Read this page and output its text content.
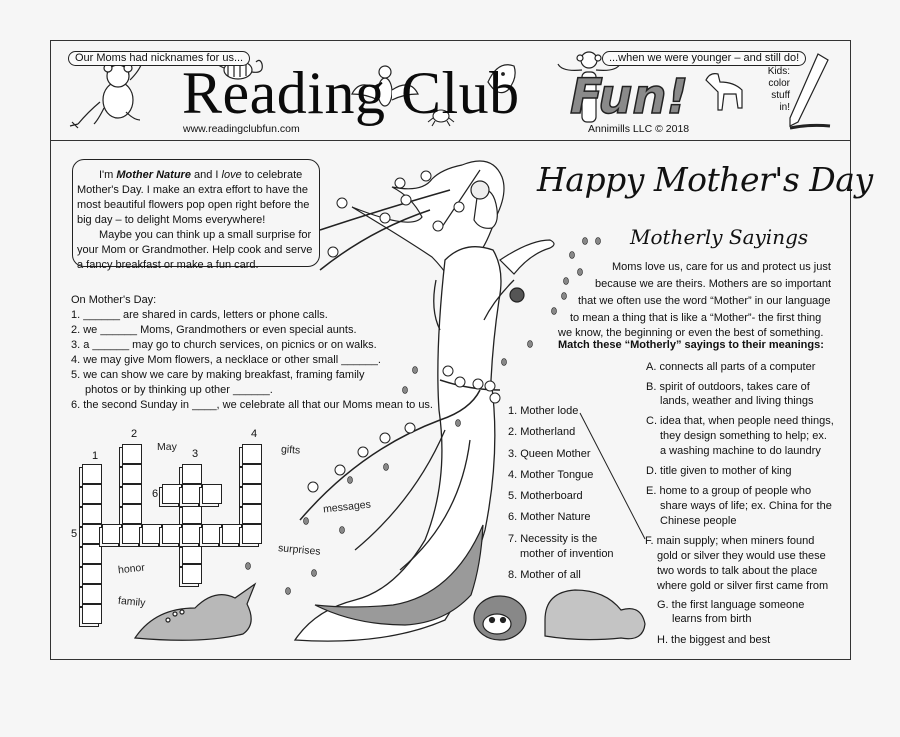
Our Moms had nicknames for us...	...when we were younger – and still do!
Reading Club Fun!
www.readingclubfun.com	Annimills LLC © 2018
Kids:
color
stuff
in!

I'm Mother Nature and I love to celebrate Mother's Day. I make an extra effort to have the most beautiful flowers pop open right before the big day – to delight Moms everywhere!

Maybe you can think up a small surprise for your Mom or Grandmother. Help cook and serve a fancy breakfast or make a fun card.

On Mother's Day:
1. ______ are shared in cards, letters or phone calls.
2. we ______ Moms, Grandmothers or even special aunts.
3. a ______ may go to church services, on picnics or on walks.
4. we may give Mom flowers, a necklace or other small ______.
5. we can show we care by making breakfast, framing family
photos or by thinking up other ______.
6. the second Sunday in ____, we celebrate all that our Moms mean to us.
1
2
3
4
5
6
May	gifts
messages
surprises
honor
family
Happy Mother's Day
Motherly Sayings
Moms love us, care for us and protect us just
because we are theirs. Mothers are so important
that we often use the word “Mother” in our language
to mean a thing that is like a “Mother”- the first thing
we know, the beginning or even the best of something.
Match these “Motherly” sayings to their meanings:
1. Mother lode
2. Motherland
3. Queen Mother
4. Mother Tongue
5. Motherboard
6. Mother Nature
7. Necessity is the
mother of invention
8. Mother of all
A. connects all parts of a computer
B. spirit of outdoors, takes care of
lands, weather and living things
C. idea that, when people need things,
they design something to help; ex.
a washing machine to do laundry
D. title given to mother of king
E. home to a group of people who
share ways of life; ex. China for the
Chinese people
F. main supply; when miners found
gold or silver they would use these
two words to talk about the place
where gold or silver first came from
G. the first language someone
learns from birth
H. the biggest and best
